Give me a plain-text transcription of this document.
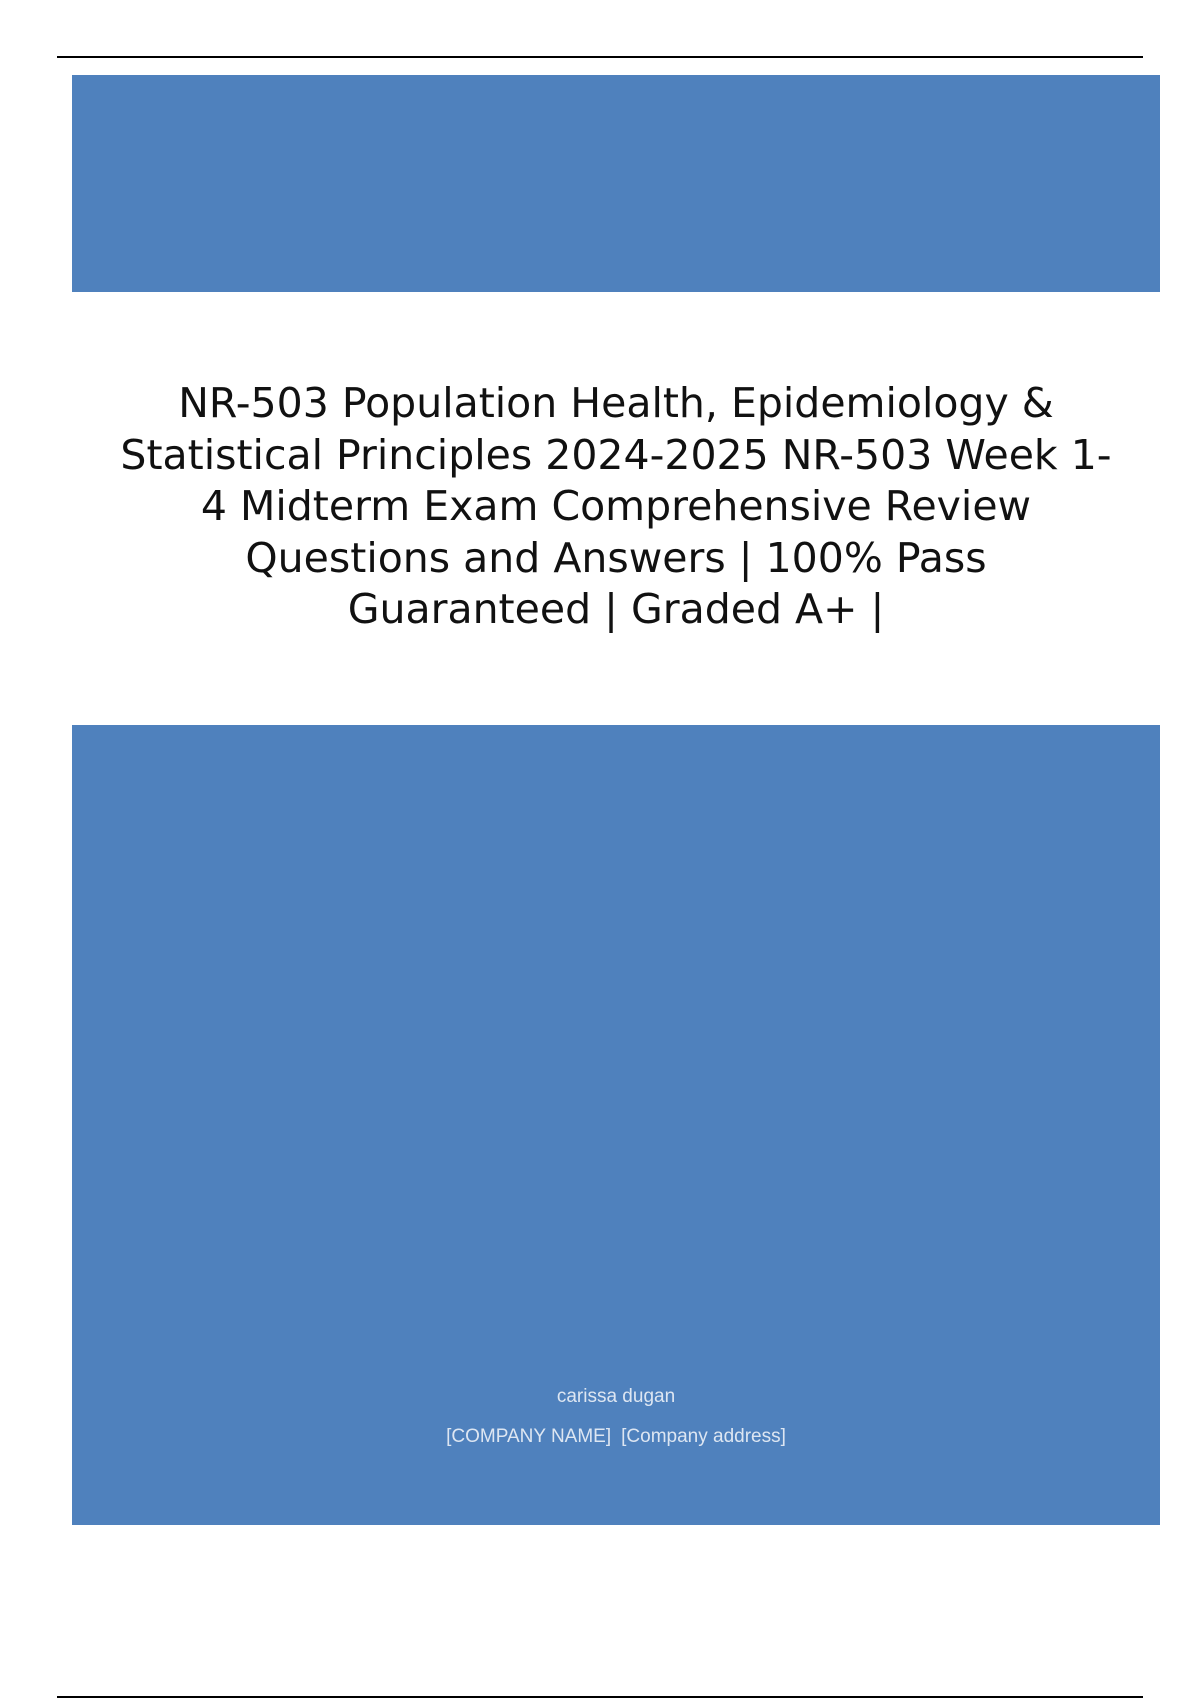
NR-503 Population Health, Epidemiology & Statistical Principles 2024-2025 NR-503 Week 1-4 Midterm Exam Comprehensive Review Questions and Answers | 100% Pass Guaranteed | Graded A+ |
carissa dugan
[COMPANY NAME] [Company address]
